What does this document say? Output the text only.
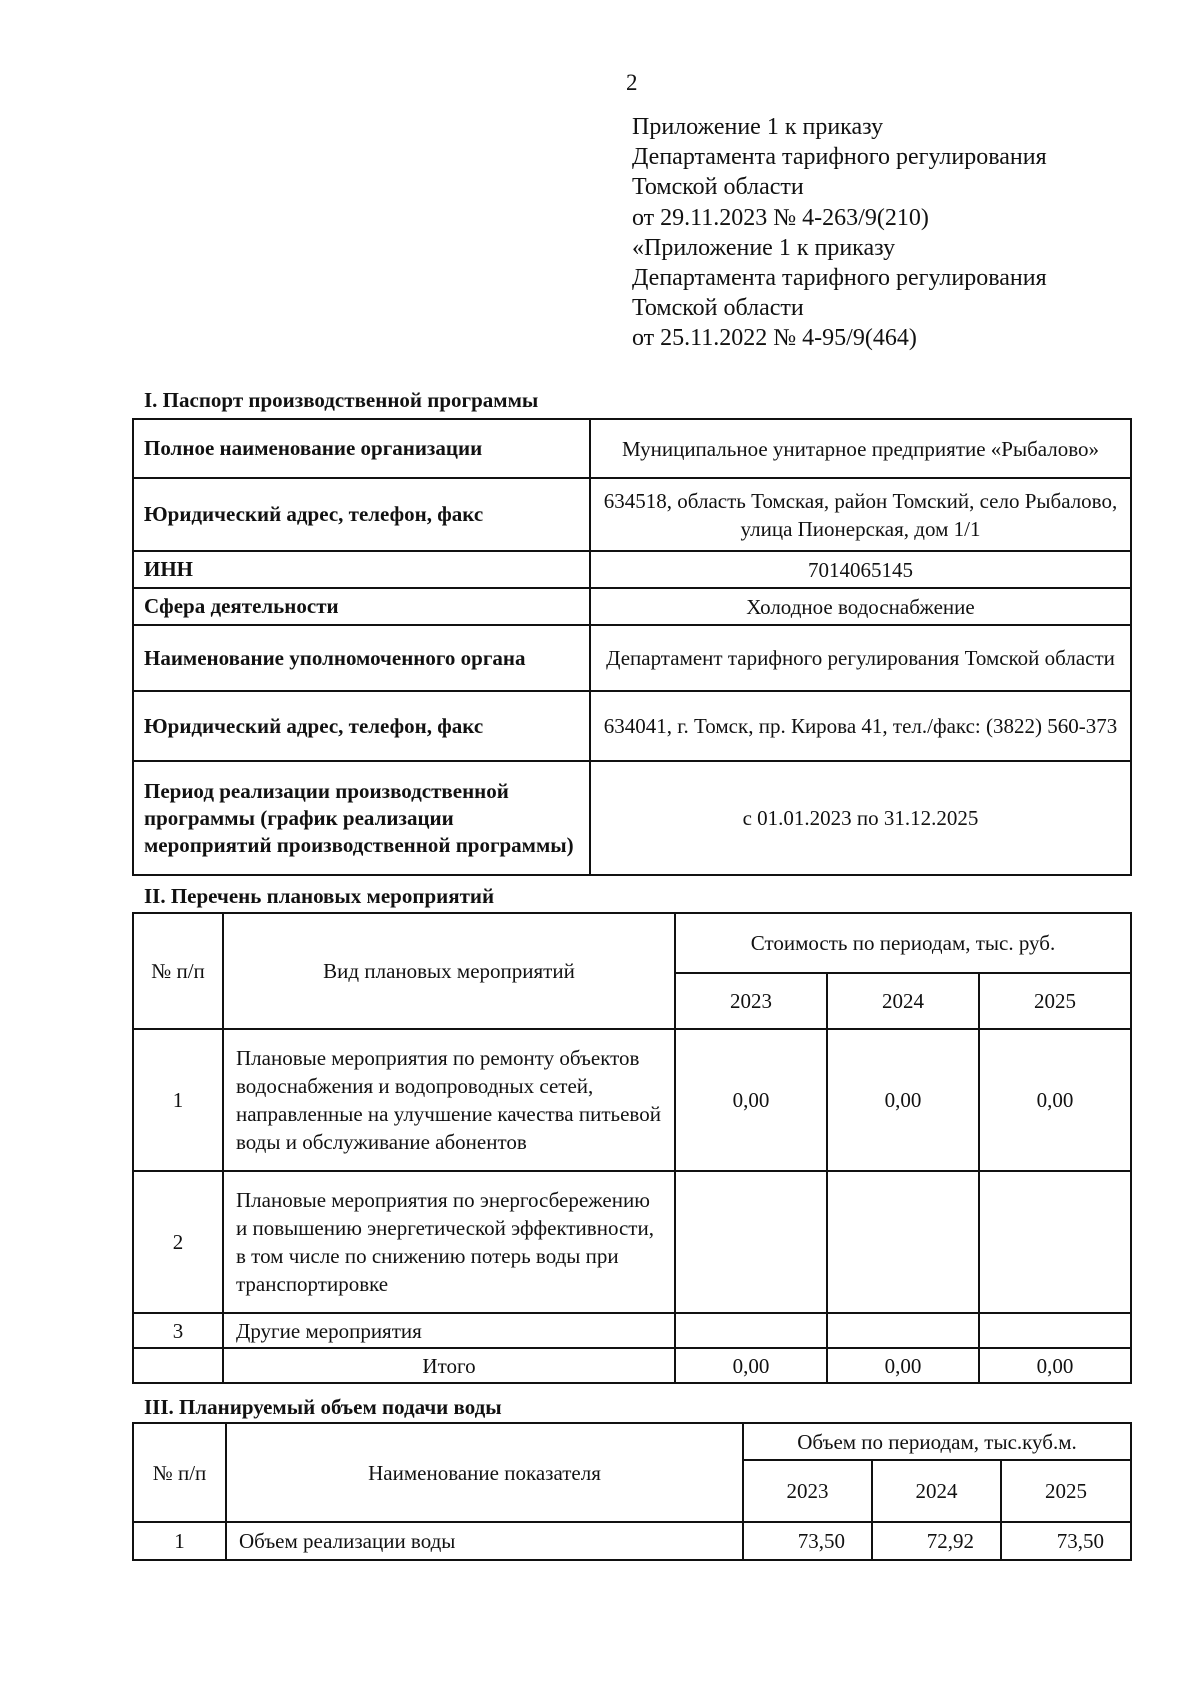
2
Приложение 1 к приказу
Департамента тарифного регулирования
Томской области
от 29.11.2023 № 4-263/9(210)
«Приложение 1 к приказу
Департамента тарифного регулирования
Томской области
от 25.11.2022 № 4-95/9(464)
I. Паспорт производственной программы
Полное наименование организации	Муниципальное унитарное предприятие «Рыбалово»
Юридический адрес, телефон, факс	634518, область Томская, район Томский, село Рыбалово, улица Пионерская, дом 1/1
ИНН	7014065145
Сфера деятельности	Холодное водоснабжение
Наименование уполномоченного органа	Департамент тарифного регулирования Томской области
Юридический адрес, телефон, факс	634041, г. Томск, пр. Кирова 41, тел./факс: (3822) 560-373
Период реализации производственной программы (график реализации мероприятий производственной программы)	с 01.01.2023 по 31.12.2025
II. Перечень плановых мероприятий
№ п/п	Вид плановых мероприятий	Стоимость по периодам, тыс. руб.		
		2023	2024	2025
1	Плановые мероприятия по ремонту объектов водоснабжения и водопроводных сетей, направленные на улучшение качества питьевой воды и обслуживание абонентов	0,00	0,00	0,00
2	Плановые мероприятия по энергосбережению и повышению энергетической эффективности, в том числе по снижению потерь воды при транспортировке			
3	Другие мероприятия			
	Итого	0,00	0,00	0,00
III. Планируемый объем подачи воды
№ п/п	Наименование показателя	Объем по периодам, тыс.куб.м.		
		2023	2024	2025
1	Объем реализации воды	73,50	72,92	73,50
